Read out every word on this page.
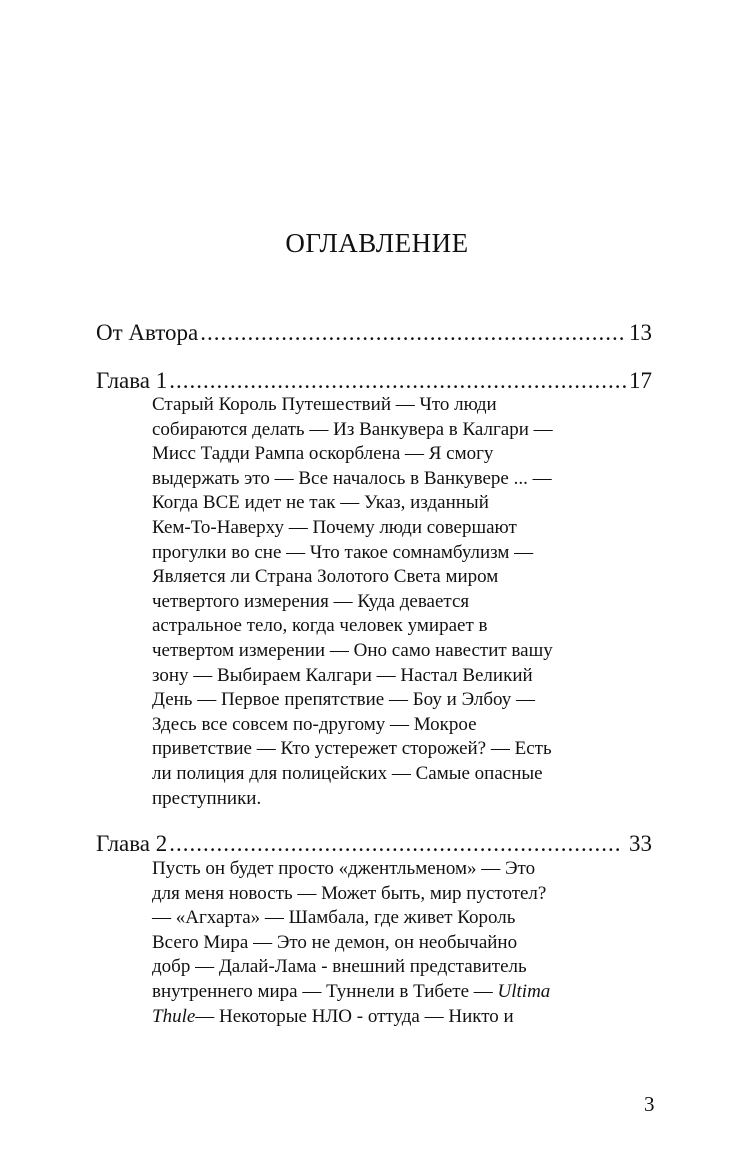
ОГЛАВЛЕНИЕ
От Автора .....	13
Глава 1 .....	17

Старый Король Путешествий — Что люди
собираются делать — Из Ванкувера в Калгари —
Мисс Тадди Рампа оскорблена — Я смогу
выдержать это — Все началось в Ванкувере ... —
Когда ВСЕ идет не так — Указ, изданный
Кем-То-Наверху — Почему люди совершают
прогулки во сне — Что такое сомнамбулизм —
Является ли Страна Золотого Света миром
четвертого измерения — Куда девается
астральное тело, когда человек умирает в
четвертом измерении — Оно само навестит вашу
зону — Выбираем Калгари — Настал Великий
День — Первое препятствие — Боу и Элбоу —
Здесь все совсем по-другому — Мокрое
приветствие — Кто устережет сторожей? — Есть
ли полиция для полицейских — Самые опасные
преступники.

Глава 2 .....	33

Пусть он будет просто «джентльменом» — Это
для меня новость — Может быть, мир пустотел?
— «Агхарта» — Шамбала, где живет Король
Всего Мира — Это не демон, он необычайно
добр — Далай-Лама - внешний представитель
внутреннего мира — Туннели в Тибете — Ultima
Thule— Некоторые НЛО - оттуда — Никто и

3
